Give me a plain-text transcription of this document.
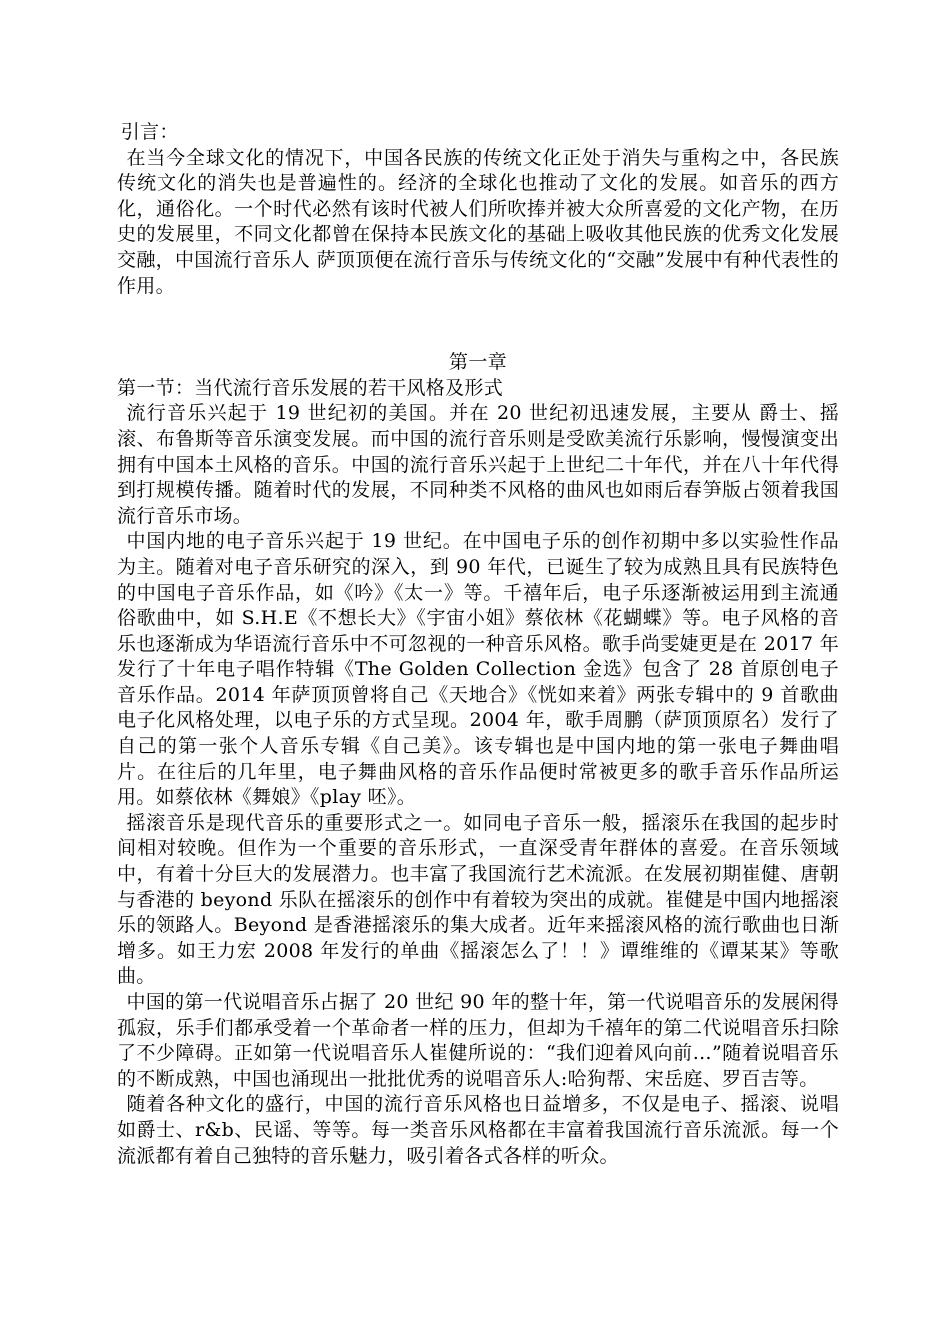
引言：

在当今全球文化的情况下，中国各民族的传统文化正处于消失与重构之中，各民族传统文化的消失也是普遍性的。经济的全球化也推动了文化的发展。如音乐的西方化，通俗化。一个时代必然有该时代被人们所吹捧并被大众所喜爱的文化产物，在历史的发展里，不同文化都曾在保持本民族文化的基础上吸收其他民族的优秀文化发展交融，中国流行音乐人 萨顶顶便在流行音乐与传统文化的“交融”发展中有种代表性的作用。

第一章

第一节：当代流行音乐发展的若干风格及形式

流行音乐兴起于 19 世纪初的美国。并在 20 世纪初迅速发展，主要从 爵士、摇滚、布鲁斯等音乐演变发展。而中国的流行音乐则是受欧美流行乐影响，慢慢演变出拥有中国本土风格的音乐。中国的流行音乐兴起于上世纪二十年代，并在八十年代得到打规模传播。随着时代的发展，不同种类不风格的曲风也如雨后春笋版占领着我国流行音乐市场。

中国内地的电子音乐兴起于 19 世纪。在中国电子乐的创作初期中多以实验性作品为主。随着对电子音乐研究的深入，到 90 年代，已诞生了较为成熟且具有民族特色的中国电子音乐作品，如《吟》《太一》等。千禧年后，电子乐逐渐被运用到主流通俗歌曲中，如 S.H.E《不想长大》《宇宙小姐》蔡依林《花蝴蝶》等。电子风格的音乐也逐渐成为华语流行音乐中不可忽视的一种音乐风格。歌手尚雯婕更是在 2017 年发行了十年电子唱作特辑《The Golden Collection 金选》包含了 28 首原创电子音乐作品。2014 年萨顶顶曾将自己《天地合》《恍如来着》两张专辑中的 9 首歌曲电子化风格处理，以电子乐的方式呈现。2004 年，歌手周鹏（萨顶顶原名）发行了自己的第一张个人音乐专辑《自己美》。该专辑也是中国内地的第一张电子舞曲唱片。在往后的几年里，电子舞曲风格的音乐作品便时常被更多的歌手音乐作品所运用。如蔡依林《舞娘》《play 呸》。

摇滚音乐是现代音乐的重要形式之一。如同电子音乐一般，摇滚乐在我国的起步时间相对较晚。但作为一个重要的音乐形式，一直深受青年群体的喜爱。在音乐领域中，有着十分巨大的发展潜力。也丰富了我国流行艺术流派。在发展初期崔健、唐朝与香港的 beyond 乐队在摇滚乐的创作中有着较为突出的成就。崔健是中国内地摇滚乐的领路人。Beyond 是香港摇滚乐的集大成者。近年来摇滚风格的流行歌曲也日渐增多。如王力宏 2008 年发行的单曲《摇滚怎么了！！》谭维维的《谭某某》等歌曲。

中国的第一代说唱音乐占据了 20 世纪 90 年的整十年，第一代说唱音乐的发展闲得孤寂，乐手们都承受着一个革命者一样的压力，但却为千禧年的第二代说唱音乐扫除了不少障碍。正如第一代说唱音乐人崔健所说的：“我们迎着风向前…”随着说唱音乐的不断成熟，中国也涌现出一批批优秀的说唱音乐人:哈狗帮、宋岳庭、罗百吉等。

随着各种文化的盛行，中国的流行音乐风格也日益增多，不仅是电子、摇滚、说唱 如爵士、r&b、民谣、等等。每一类音乐风格都在丰富着我国流行音乐流派。每一个流派都有着自己独特的音乐魅力，吸引着各式各样的听众。
